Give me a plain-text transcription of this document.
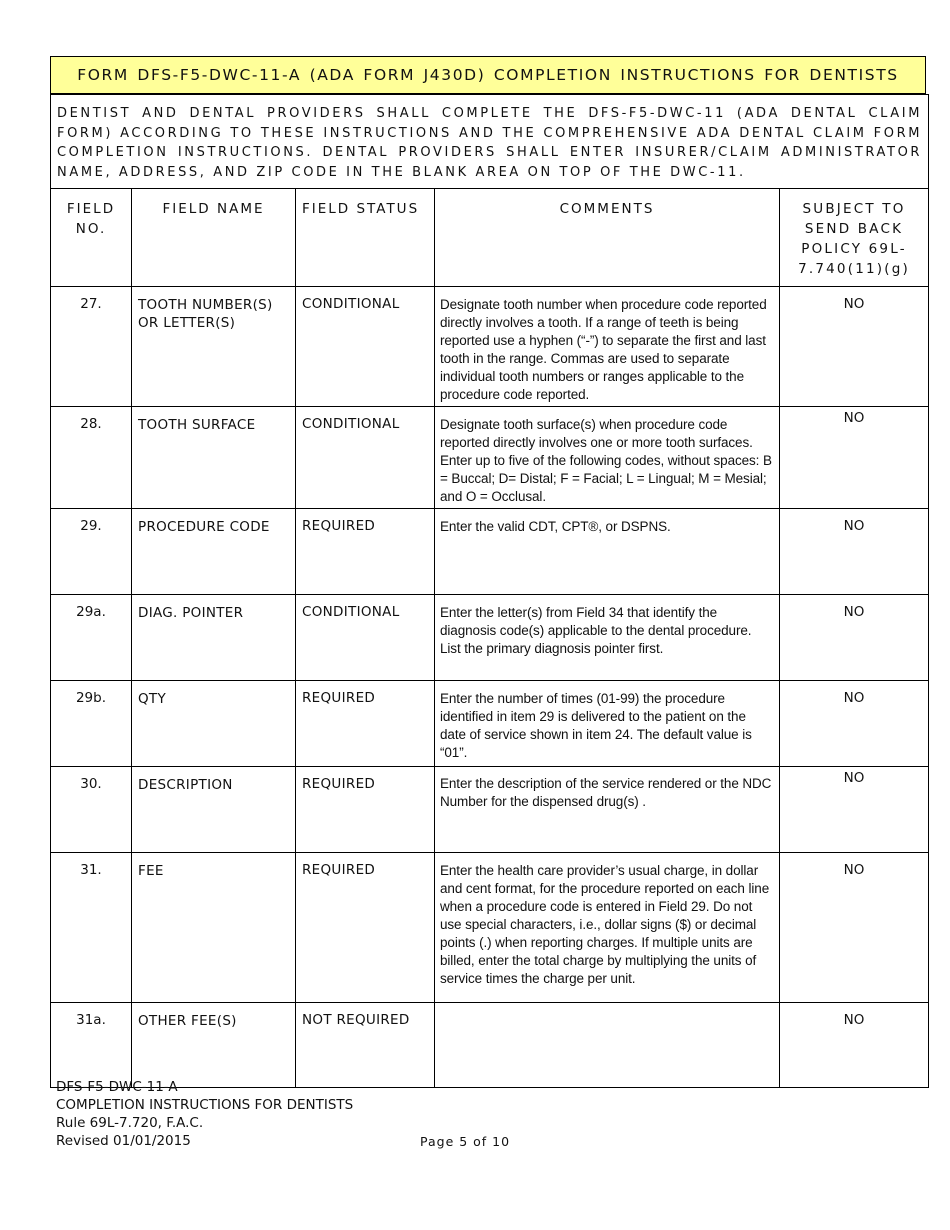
FORM DFS-F5-DWC-11-A (ADA FORM J430D) COMPLETION INSTRUCTIONS FOR DENTISTS
DENTIST AND DENTAL PROVIDERS SHALL COMPLETE THE DFS-F5-DWC-11 (ADA DENTAL CLAIM FORM) ACCORDING TO THESE INSTRUCTIONS AND THE COMPREHENSIVE ADA DENTAL CLAIM FORM COMPLETION INSTRUCTIONS. DENTAL PROVIDERS SHALL ENTER INSURER/CLAIM ADMINISTRATOR NAME, ADDRESS, AND ZIP CODE IN THE BLANK AREA ON TOP OF THE DWC-11.				
FIELD NO.	FIELD NAME	FIELD STATUS	COMMENTS	SUBJECT TO SEND BACK POLICY 69L-7.740(11)(g)
27.	TOOTH NUMBER(S) OR LETTER(S)	CONDITIONAL	Designate tooth number when procedure code reported directly involves a tooth. If a range of teeth is being reported use a hyphen (“-”) to separate the first and last tooth in the range. Commas are used to separate individual tooth numbers or ranges applicable to the procedure code reported.	NO
28.	TOOTH SURFACE	CONDITIONAL	Designate tooth surface(s) when procedure code reported directly involves one or more tooth surfaces. Enter up to five of the following codes, without spaces: B = Buccal; D= Distal; F = Facial; L = Lingual; M = Mesial; and O = Occlusal.	NO
29.	PROCEDURE CODE	REQUIRED	Enter the valid CDT, CPT®, or DSPNS.	NO
29a.	DIAG. POINTER	CONDITIONAL	Enter the letter(s) from Field 34 that identify the diagnosis code(s) applicable to the dental procedure. List the primary diagnosis pointer first.	NO
29b.	QTY	REQUIRED	Enter the number of times (01-99) the procedure identified in item 29 is delivered to the patient on the date of service shown in item 24. The default value is “01”.	NO
30.	DESCRIPTION	REQUIRED	Enter the description of the service rendered or the NDC Number for the dispensed drug(s) .	NO
31.	FEE	REQUIRED	Enter the health care provider’s usual charge, in dollar and cent format, for the procedure reported on each line when a procedure code is entered in Field 29. Do not use special characters, i.e., dollar signs ($) or decimal points (.) when reporting charges. If multiple units are billed, enter the total charge by multiplying the units of service times the charge per unit.	NO
31a.	OTHER FEE(S)	NOT REQUIRED		NO
DFS-F5-DWC-11-A
COMPLETION INSTRUCTIONS FOR DENTISTS
Rule 69L-7.720, F.A.C.
Revised 01/01/2015	Page 5 of 10
